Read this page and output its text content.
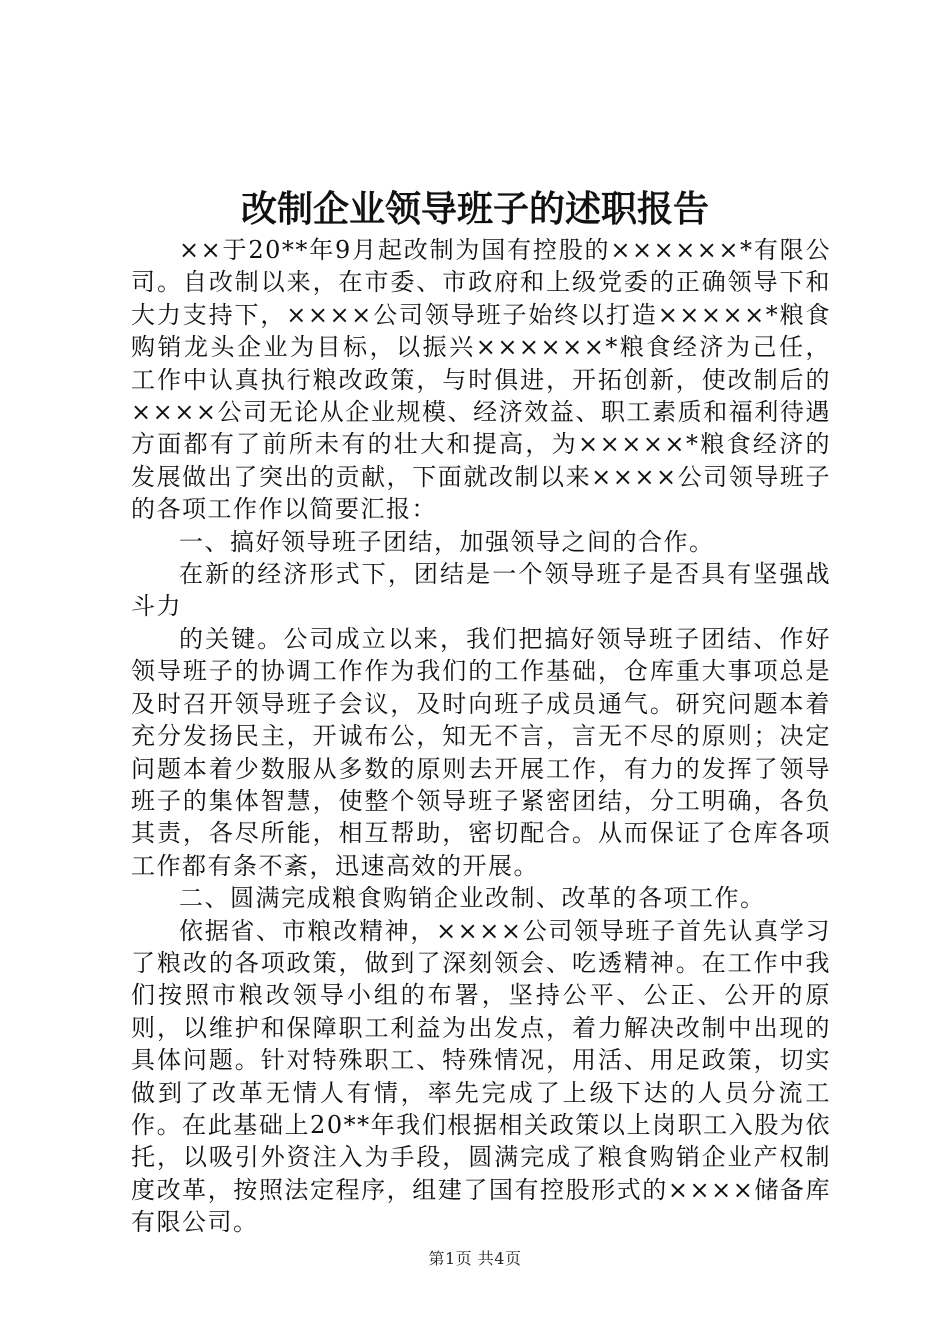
改制企业领导班子的述职报告

××于20**年9月起改制为国有控股的××××××*有限公司。自改制以来，在市委、市政府和上级党委的正确领导下和大力支持下，××××公司领导班子始终以打造×××××*粮食购销龙头企业为目标，以振兴××××××*粮食经济为己任，工作中认真执行粮改政策，与时俱进，开拓创新，使改制后的××××公司无论从企业规模、经济效益、职工素质和福利待遇方面都有了前所未有的壮大和提高，为×××××*粮食经济的发展做出了突出的贡献，下面就改制以来××××公司领导班子的各项工作作以简要汇报：

一、搞好领导班子团结，加强领导之间的合作。

在新的经济形式下，团结是一个领导班子是否具有坚强战斗力

的关键。公司成立以来，我们把搞好领导班子团结、作好领导班子的协调工作作为我们的工作基础，仓库重大事项总是及时召开领导班子会议，及时向班子成员通气。研究问题本着充分发扬民主，开诚布公，知无不言，言无不尽的原则；决定问题本着少数服从多数的原则去开展工作，有力的发挥了领导班子的集体智慧，使整个领导班子紧密团结，分工明确，各负其责，各尽所能，相互帮助，密切配合。从而保证了仓库各项工作都有条不紊，迅速高效的开展。

二、圆满完成粮食购销企业改制、改革的各项工作。

依据省、市粮改精神，××××公司领导班子首先认真学习了粮改的各项政策，做到了深刻领会、吃透精神。在工作中我们按照市粮改领导小组的布署，坚持公平、公正、公开的原则，以维护和保障职工利益为出发点，着力解决改制中出现的具体问题。针对特殊职工、特殊情况，用活、用足政策，切实做到了改革无情人有情，率先完成了上级下达的人员分流工作。在此基础上20**年我们根据相关政策以上岗职工入股为依托，以吸引外资注入为手段，圆满完成了粮食购销企业产权制度改革，按照法定程序，组建了国有控股形式的××××储备库有限公司。

第1页 共4页
